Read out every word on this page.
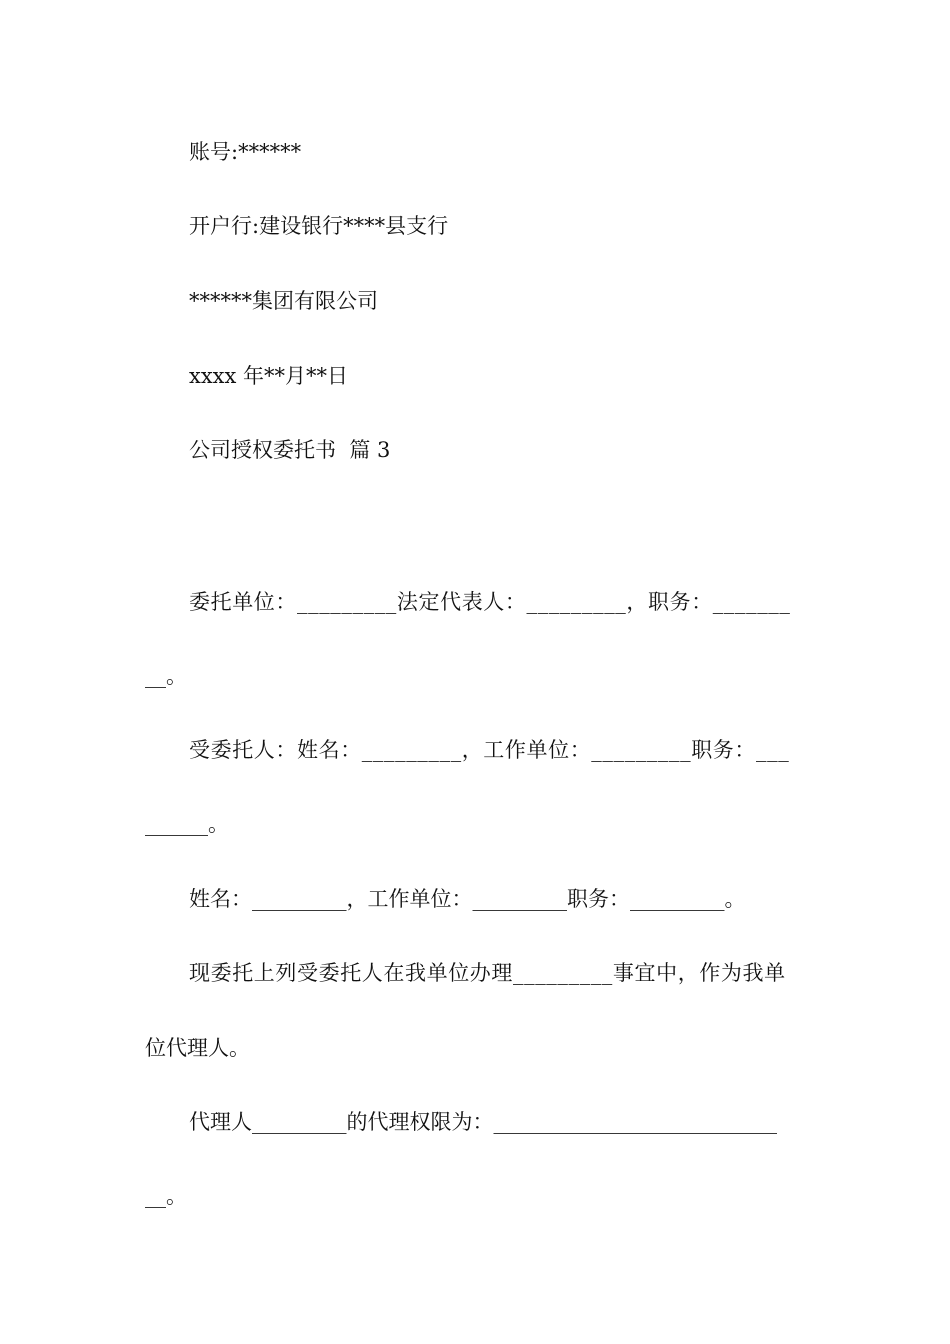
账号:******
开户行:建设银行****县支行
******集团有限公司
xxxx 年**月**日
公司授权委托书  篇 3
委托单位：_________法定代表人：_________，职务：_______
__。
受委托人：姓名：_________，工作单位：_________职务：___
______。
姓名：_________，工作单位：_________职务：_________。
现委托上列受委托人在我单位办理_________事宜中，作为我单
位代理人。
代理人_________的代理权限为：___________________________
__。
